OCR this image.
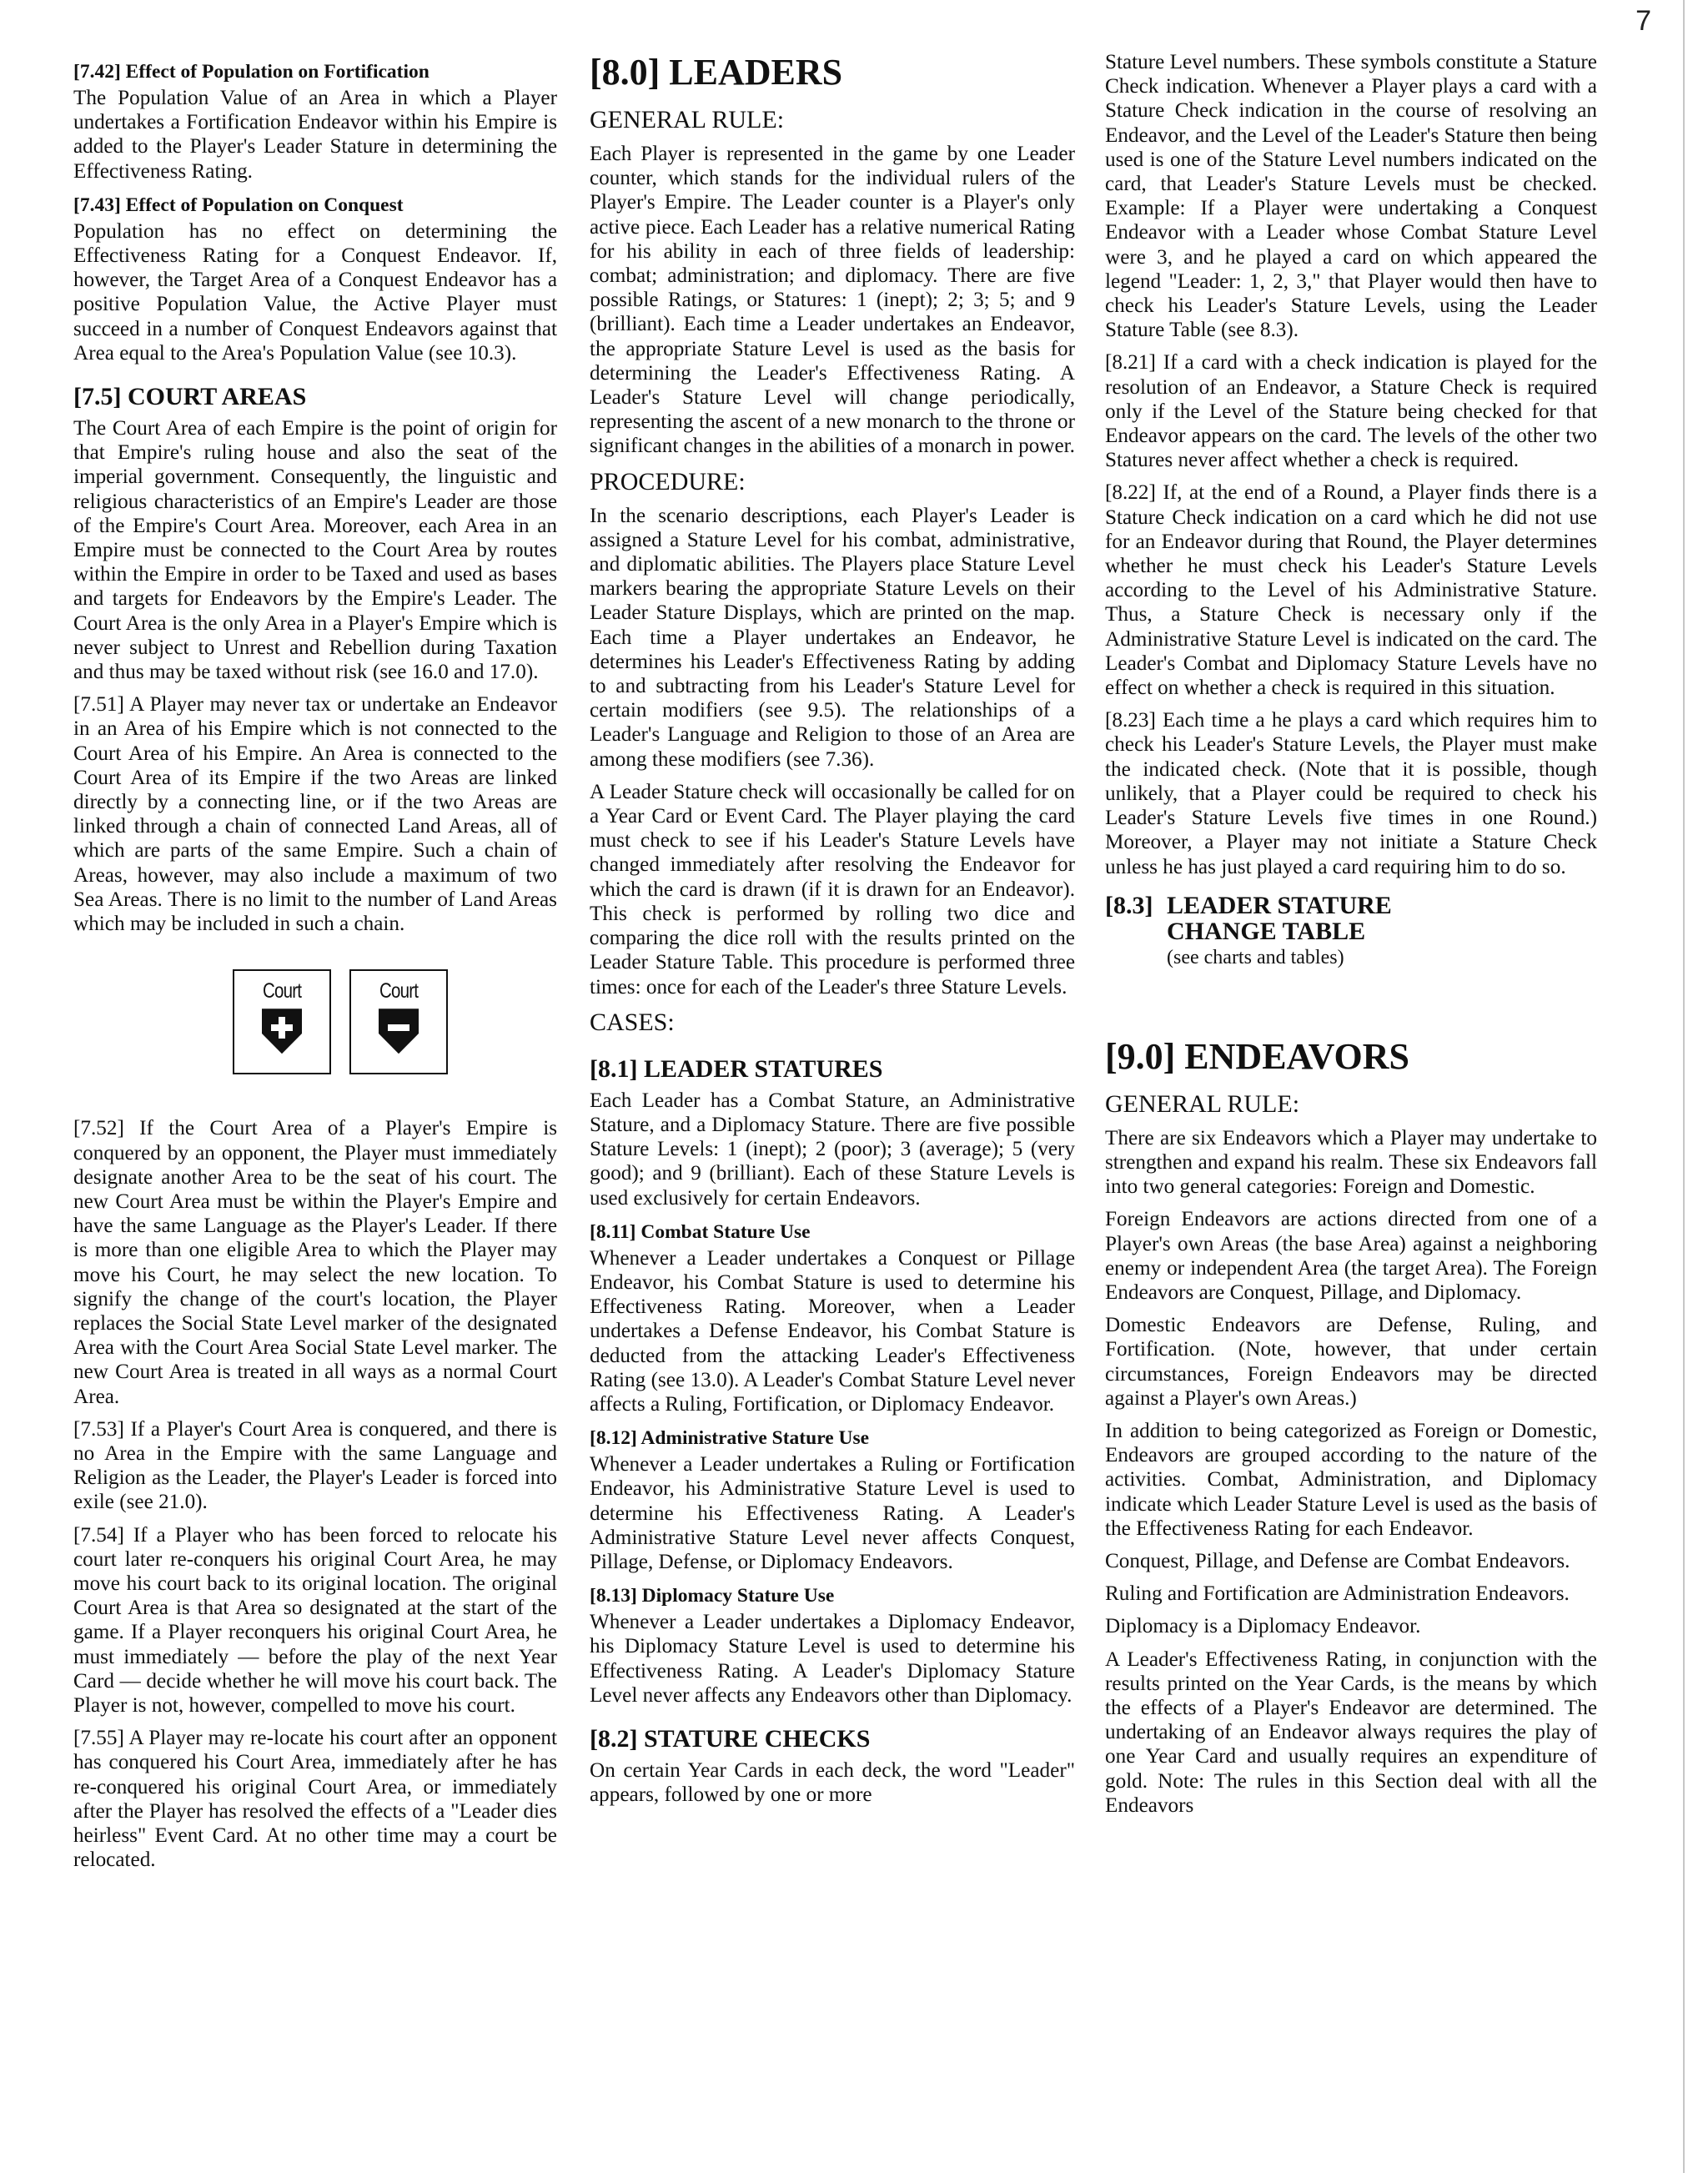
7
[7.42] Effect of Population on Fortification

The Population Value of an Area in which a Player undertakes a Fortification Endeavor within his Empire is added to the Player's Leader Stature in determining the Effectiveness Rating.

[7.43] Effect of Population on Conquest

Population has no effect on determining the Effectiveness Rating for a Conquest Endeavor. If, however, the Target Area of a Conquest Endeavor has a positive Population Value, the Active Player must succeed in a number of Conquest Endeavors against that Area equal to the Area's Population Value (see 10.3).

[7.5] COURT AREAS

The Court Area of each Empire is the point of origin for that Empire's ruling house and also the seat of the imperial government. Consequently, the linguistic and religious characteristics of an Empire's Leader are those of the Empire's Court Area. Moreover, each Area in an Empire must be connected to the Court Area by routes within the Empire in order to be Taxed and used as bases and targets for Endeavors by the Empire's Leader. The Court Area is the only Area in a Player's Empire which is never subject to Unrest and Rebellion during Taxation and thus may be taxed without risk (see 16.0 and 17.0).

[7.51] A Player may never tax or undertake an Endeavor in an Area of his Empire which is not connected to the Court Area of his Empire. An Area is connected to the Court Area of its Empire if the two Areas are linked directly by a connecting line, or if the two Areas are linked through a chain of connected Land Areas, all of which are parts of the same Empire. Such a chain of Areas, however, may also include a maximum of two Sea Areas. There is no limit to the number of Land Areas which may be included in such a chain.

Court	Court

[7.52] If the Court Area of a Player's Empire is conquered by an opponent, the Player must immediately designate another Area to be the seat of his court. The new Court Area must be within the Player's Empire and have the same Language as the Player's Leader. If there is more than one eligible Area to which the Player may move his Court, he may select the new location. To signify the change of the court's location, the Player replaces the Social State Level marker of the designated Area with the Court Area Social State Level marker. The new Court Area is treated in all ways as a normal Court Area.

[7.53] If a Player's Court Area is conquered, and there is no Area in the Empire with the same Language and Religion as the Leader, the Player's Leader is forced into exile (see 21.0).

[7.54] If a Player who has been forced to relocate his court later re-conquers his original Court Area, he may move his court back to its original location. The original Court Area is that Area so designated at the start of the game. If a Player reconquers his original Court Area, he must immediately — before the play of the next Year Card — decide whether he will move his court back. The Player is not, however, compelled to move his court.

[7.55] A Player may re-locate his court after an opponent has conquered his Court Area, immediately after he has re-conquered his original Court Area, or immediately after the Player has resolved the effects of a "Leader dies heirless" Event Card. At no other time may a court be relocated.

[8.0] LEADERS
GENERAL RULE:

Each Player is represented in the game by one Leader counter, which stands for the individual rulers of the Player's Empire. The Leader counter is a Player's only active piece. Each Leader has a relative numerical Rating for his ability in each of three fields of leadership: combat; administration; and diplomacy. There are five possible Ratings, or Statures: 1 (inept); 2; 3; 5; and 9 (brilliant). Each time a Leader undertakes an Endeavor, the appropriate Stature Level is used as the basis for determining the Leader's Effectiveness Rating. A Leader's Stature Level will change periodically, representing the ascent of a new monarch to the throne or significant changes in the abilities of a monarch in power.

PROCEDURE:

In the scenario descriptions, each Player's Leader is assigned a Stature Level for his combat, administrative, and diplomatic abilities. The Players place Stature Level markers bearing the appropriate Stature Levels on their Leader Stature Displays, which are printed on the map. Each time a Player undertakes an Endeavor, he determines his Leader's Effectiveness Rating by adding to and subtracting from his Leader's Stature Level for certain modifiers (see 9.5). The relationships of a Leader's Language and Religion to those of an Area are among these modifiers (see 7.36).

A Leader Stature check will occasionally be called for on a Year Card or Event Card. The Player playing the card must check to see if his Leader's Stature Levels have changed immediately after resolving the Endeavor for which the card is drawn (if it is drawn for an Endeavor). This check is performed by rolling two dice and comparing the dice roll with the results printed on the Leader Stature Table. This procedure is performed three times: once for each of the Leader's three Stature Levels.

CASES:
[8.1] LEADER STATURES

Each Leader has a Combat Stature, an Administrative Stature, and a Diplomacy Stature. There are five possible Stature Levels: 1 (inept); 2 (poor); 3 (average); 5 (very good); and 9 (brilliant). Each of these Stature Levels is used exclusively for certain Endeavors.

[8.11] Combat Stature Use

Whenever a Leader undertakes a Conquest or Pillage Endeavor, his Combat Stature is used to determine his Effectiveness Rating. Moreover, when a Leader undertakes a Defense Endeavor, his Combat Stature is deducted from the attacking Leader's Effectiveness Rating (see 13.0). A Leader's Combat Stature Level never affects a Ruling, Fortification, or Diplomacy Endeavor.

[8.12] Administrative Stature Use

Whenever a Leader undertakes a Ruling or Fortification Endeavor, his Administrative Stature Level is used to determine his Effectiveness Rating. A Leader's Administrative Stature Level never affects Conquest, Pillage, Defense, or Diplomacy Endeavors.

[8.13] Diplomacy Stature Use

Whenever a Leader undertakes a Diplomacy Endeavor, his Diplomacy Stature Level is used to determine his Effectiveness Rating. A Leader's Diplomacy Stature Level never affects any Endeavors other than Diplomacy.

[8.2] STATURE CHECKS

On certain Year Cards in each deck, the word "Leader" appears, followed by one or more

Stature Level numbers. These symbols constitute a Stature Check indication. Whenever a Player plays a card with a Stature Check indication in the course of resolving an Endeavor, and the Level of the Leader's Stature then being used is one of the Stature Level numbers indicated on the card, that Leader's Stature Levels must be checked. Example: If a Player were undertaking a Conquest Endeavor with a Leader whose Combat Stature Level were 3, and he played a card on which appeared the legend "Leader: 1, 2, 3," that Player would then have to check his Leader's Stature Levels, using the Leader Stature Table (see 8.3).

[8.21] If a card with a check indication is played for the resolution of an Endeavor, a Stature Check is required only if the Level of the Stature being checked for that Endeavor appears on the card. The levels of the other two Statures never affect whether a check is required.

[8.22] If, at the end of a Round, a Player finds there is a Stature Check indication on a card which he did not use for an Endeavor during that Round, the Player determines whether he must check his Leader's Stature Levels according to the Level of his Administrative Stature. Thus, a Stature Check is necessary only if the Administrative Stature Level is indicated on the card. The Leader's Combat and Diplomacy Stature Levels have no effect on whether a check is required in this situation.

[8.23] Each time a he plays a card which requires him to check his Leader's Stature Levels, the Player must make the indicated check. (Note that it is possible, though unlikely, that a Player could be required to check his Leader's Stature Levels five times in one Round.) Moreover, a Player may not initiate a Stature Check unless he has just played a card requiring him to do so.

[8.3] LEADER STATURE
CHANGE TABLE
(see charts and tables)
[9.0] ENDEAVORS
GENERAL RULE:

There are six Endeavors which a Player may undertake to strengthen and expand his realm. These six Endeavors fall into two general categories: Foreign and Domestic.

Foreign Endeavors are actions directed from one of a Player's own Areas (the base Area) against a neighboring enemy or independent Area (the target Area). The Foreign Endeavors are Conquest, Pillage, and Diplomacy.

Domestic Endeavors are Defense, Ruling, and Fortification. (Note, however, that under certain circumstances, Foreign Endeavors may be directed against a Player's own Areas.)

In addition to being categorized as Foreign or Domestic, Endeavors are grouped according to the nature of the activities. Combat, Administration, and Diplomacy indicate which Leader Stature Level is used as the basis of the Effectiveness Rating for each Endeavor.

Conquest, Pillage, and Defense are Combat Endeavors.

Ruling and Fortification are Administration Endeavors.

Diplomacy is a Diplomacy Endeavor.

A Leader's Effectiveness Rating, in conjunction with the results printed on the Year Cards, is the means by which the effects of a Player's Endeavor are determined. The undertaking of an Endeavor always requires the play of one Year Card and usually requires an expenditure of gold. Note: The rules in this Section deal with all the Endeavors
